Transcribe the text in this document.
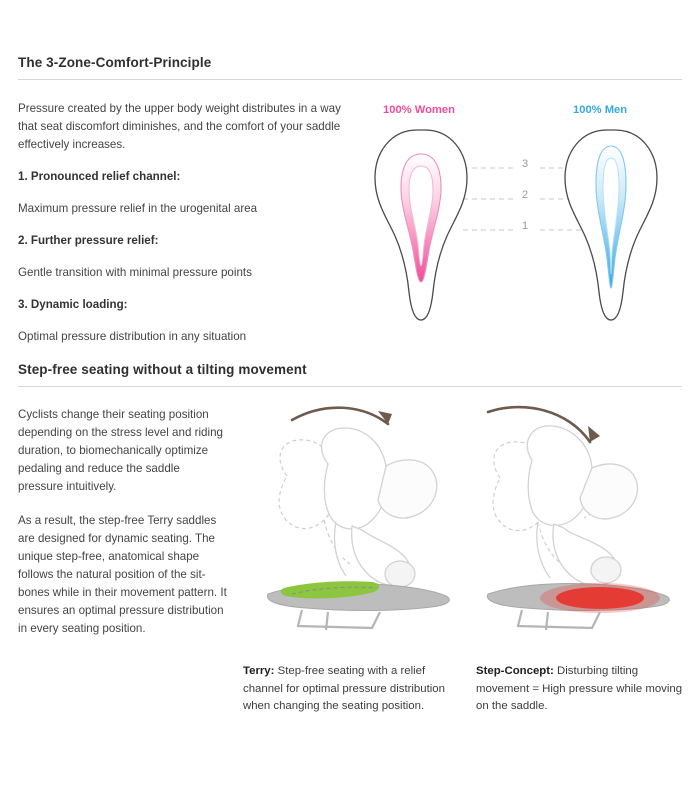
The 3-Zone-Comfort-Principle

Pressure created by the upper body weight distributes in a way that seat discomfort diminishes, and the comfort of your saddle effectively increases.

1. Pronounced relief channel:

Maximum pressure relief in the urogenital area

2. Further pressure relief:

Gentle transition with minimal pressure points

3. Dynamic loading:

Optimal pressure distribution in any situation

100% Women	100% Men
3
2
1
Step-free seating without a tilting movement

Cyclists change their seating position depending on the stress level and riding duration, to biomechanically optimize pedaling and reduce the saddle pressure intuitively.

As a result, the step-free Terry saddles are designed for dynamic seating. The unique step-free, anatomical shape follows the natural position of the sit-bones while in their movement pattern. It ensures an optimal pressure distribution in every seating position.

Terry: Step-free seating with a relief channel for optimal pressure distribution when changing the seating position.
Step-Concept: Disturbing tilting movement = High pressure while moving on the saddle.
